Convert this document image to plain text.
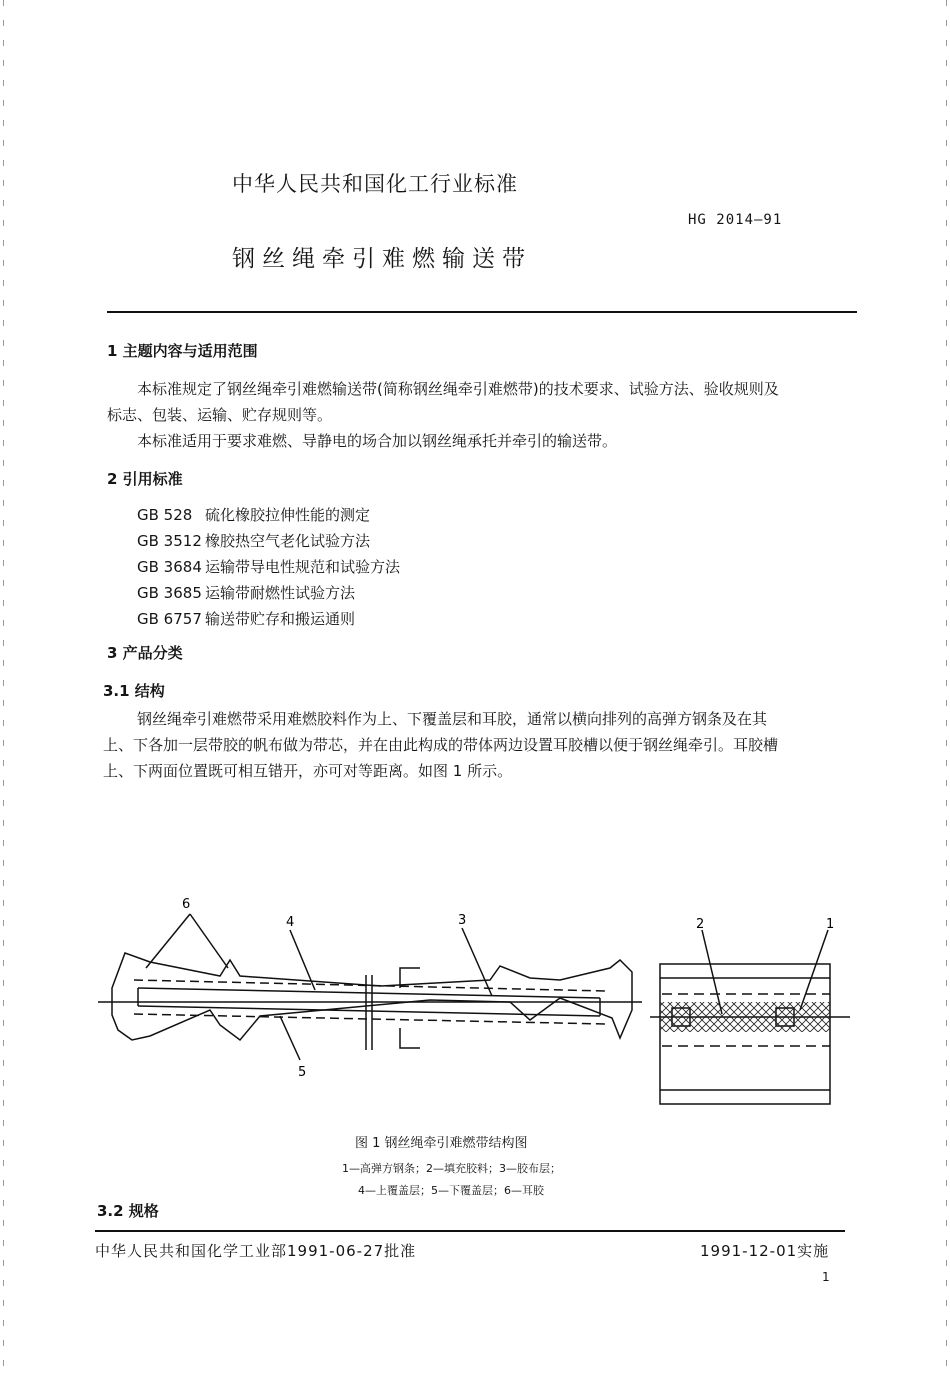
中华人民共和国化工行业标准
HG 2014—91
钢丝绳牵引难燃输送带
1 主题内容与适用范围
本标准规定了钢丝绳牵引难燃输送带(简称钢丝绳牵引难燃带)的技术要求、试验方法、验收规则及
标志、包装、运输、贮存规则等。
本标准适用于要求难燃、导静电的场合加以钢丝绳承托并牵引的输送带。
2 引用标准
GB 528 硫化橡胶拉伸性能的测定
GB 3512 橡胶热空气老化试验方法
GB 3684 运输带导电性规范和试验方法
GB 3685 运输带耐燃性试验方法
GB 6757 输送带贮存和搬运通则
3 产品分类
3.1 结构
钢丝绳牵引难燃带采用难燃胶料作为上、下覆盖层和耳胶，通常以横向排列的高弹方钢条及在其
上、下各加一层带胶的帆布做为带芯，并在由此构成的带体两边设置耳胶槽以便于钢丝绳牵引。耳胶槽
上、下两面位置既可相互错开，亦可对等距离。如图 1 所示。
6
4	3
5
2	1
图 1 钢丝绳牵引难燃带结构图
1—高弹方钢条；2—填充胶料；3—胶布层；
4—上覆盖层；5—下覆盖层；6—耳胶
3.2 规格
中华人民共和国化学工业部1991-06-27批准	1991-12-01实施
1
